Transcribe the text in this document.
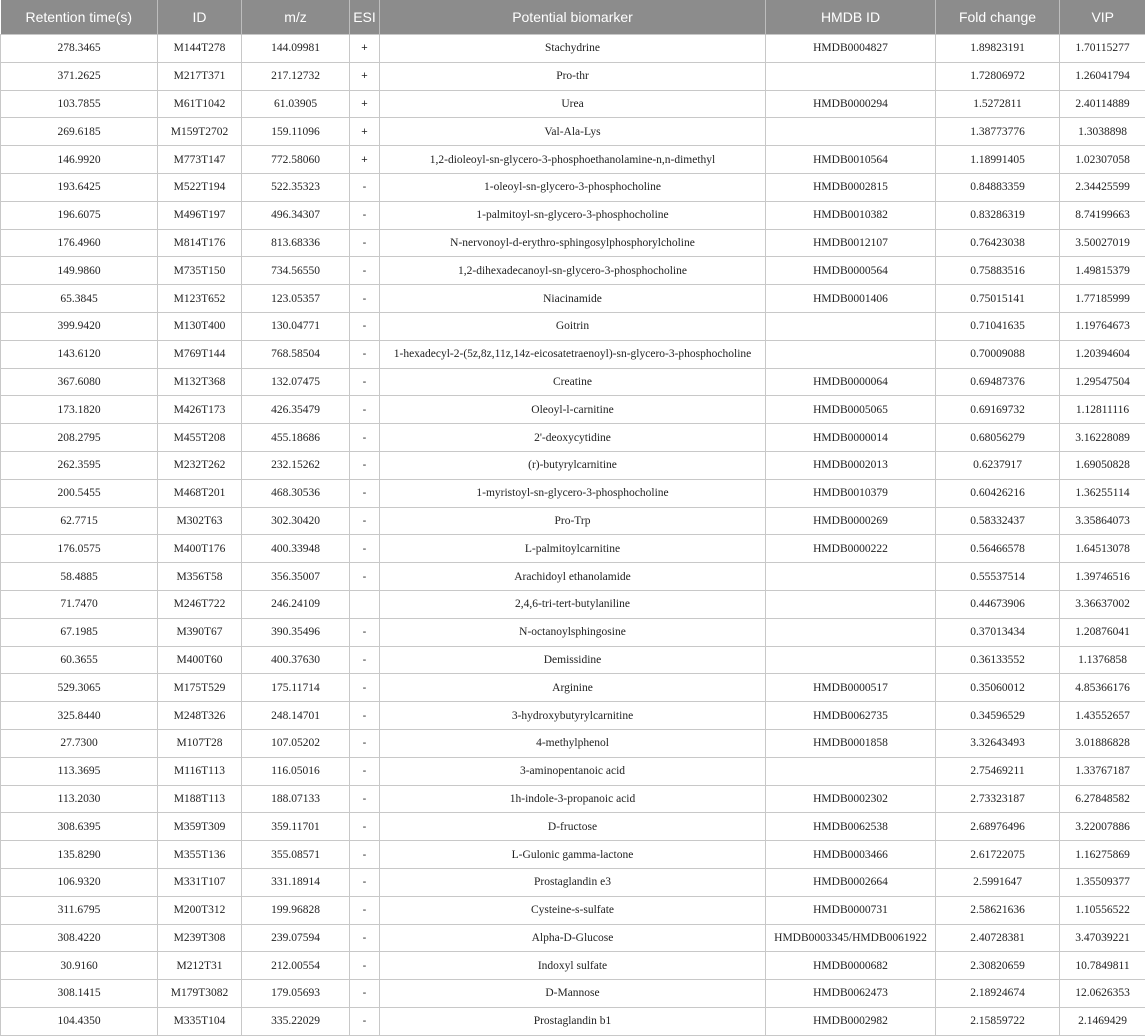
Retention time(s)	ID	m/z	ESI	Potential biomarker	HMDB ID	Fold change	VIP
278.3465	M144T278	144.09981	+	Stachydrine	HMDB0004827	1.89823191	1.70115277
371.2625	M217T371	217.12732	+	Pro-thr		1.72806972	1.26041794
103.7855	M61T1042	61.03905	+	Urea	HMDB0000294	1.5272811	2.40114889
269.6185	M159T2702	159.11096	+	Val-Ala-Lys		1.38773776	1.3038898
146.9920	M773T147	772.58060	+	1,2-dioleoyl-sn-glycero-3-phosphoethanolamine-n,n-dimethyl	HMDB0010564	1.18991405	1.02307058
193.6425	M522T194	522.35323	-	1-oleoyl-sn-glycero-3-phosphocholine	HMDB0002815	0.84883359	2.34425599
196.6075	M496T197	496.34307	-	1-palmitoyl-sn-glycero-3-phosphocholine	HMDB0010382	0.83286319	8.74199663
176.4960	M814T176	813.68336	-	N-nervonoyl-d-erythro-sphingosylphosphorylcholine	HMDB0012107	0.76423038	3.50027019
149.9860	M735T150	734.56550	-	1,2-dihexadecanoyl-sn-glycero-3-phosphocholine	HMDB0000564	0.75883516	1.49815379
65.3845	M123T652	123.05357	-	Niacinamide	HMDB0001406	0.75015141	1.77185999
399.9420	M130T400	130.04771	-	Goitrin		0.71041635	1.19764673
143.6120	M769T144	768.58504	-	1-hexadecyl-2-(5z,8z,11z,14z-eicosatetraenoyl)-sn-glycero-3-phosphocholine		0.70009088	1.20394604
367.6080	M132T368	132.07475	-	Creatine	HMDB0000064	0.69487376	1.29547504
173.1820	M426T173	426.35479	-	Oleoyl-l-carnitine	HMDB0005065	0.69169732	1.12811116
208.2795	M455T208	455.18686	-	2'-deoxycytidine	HMDB0000014	0.68056279	3.16228089
262.3595	M232T262	232.15262	-	(r)-butyrylcarnitine	HMDB0002013	0.6237917	1.69050828
200.5455	M468T201	468.30536	-	1-myristoyl-sn-glycero-3-phosphocholine	HMDB0010379	0.60426216	1.36255114
62.7715	M302T63	302.30420	-	Pro-Trp	HMDB0000269	0.58332437	3.35864073
176.0575	M400T176	400.33948	-	L-palmitoylcarnitine	HMDB0000222	0.56466578	1.64513078
58.4885	M356T58	356.35007	-	Arachidoyl ethanolamide		0.55537514	1.39746516
71.7470	M246T722	246.24109		2,4,6-tri-tert-butylaniline		0.44673906	3.36637002
67.1985	M390T67	390.35496	-	N-octanoylsphingosine		0.37013434	1.20876041
60.3655	M400T60	400.37630	-	Demissidine		0.36133552	1.1376858
529.3065	M175T529	175.11714	-	Arginine	HMDB0000517	0.35060012	4.85366176
325.8440	M248T326	248.14701	-	3-hydroxybutyrylcarnitine	HMDB0062735	0.34596529	1.43552657
27.7300	M107T28	107.05202	-	4-methylphenol	HMDB0001858	3.32643493	3.01886828
113.3695	M116T113	116.05016	-	3-aminopentanoic acid		2.75469211	1.33767187
113.2030	M188T113	188.07133	-	1h-indole-3-propanoic acid	HMDB0002302	2.73323187	6.27848582
308.6395	M359T309	359.11701	-	D-fructose	HMDB0062538	2.68976496	3.22007886
135.8290	M355T136	355.08571	-	L-Gulonic gamma-lactone	HMDB0003466	2.61722075	1.16275869
106.9320	M331T107	331.18914	-	Prostaglandin e3	HMDB0002664	2.5991647	1.35509377
311.6795	M200T312	199.96828	-	Cysteine-s-sulfate	HMDB0000731	2.58621636	1.10556522
308.4220	M239T308	239.07594	-	Alpha-D-Glucose	HMDB0003345/HMDB0061922	2.40728381	3.47039221
30.9160	M212T31	212.00554	-	Indoxyl sulfate	HMDB0000682	2.30820659	10.7849811
308.1415	M179T3082	179.05693	-	D-Mannose	HMDB0062473	2.18924674	12.0626353
104.4350	M335T104	335.22029	-	Prostaglandin b1	HMDB0002982	2.15859722	2.1469429
